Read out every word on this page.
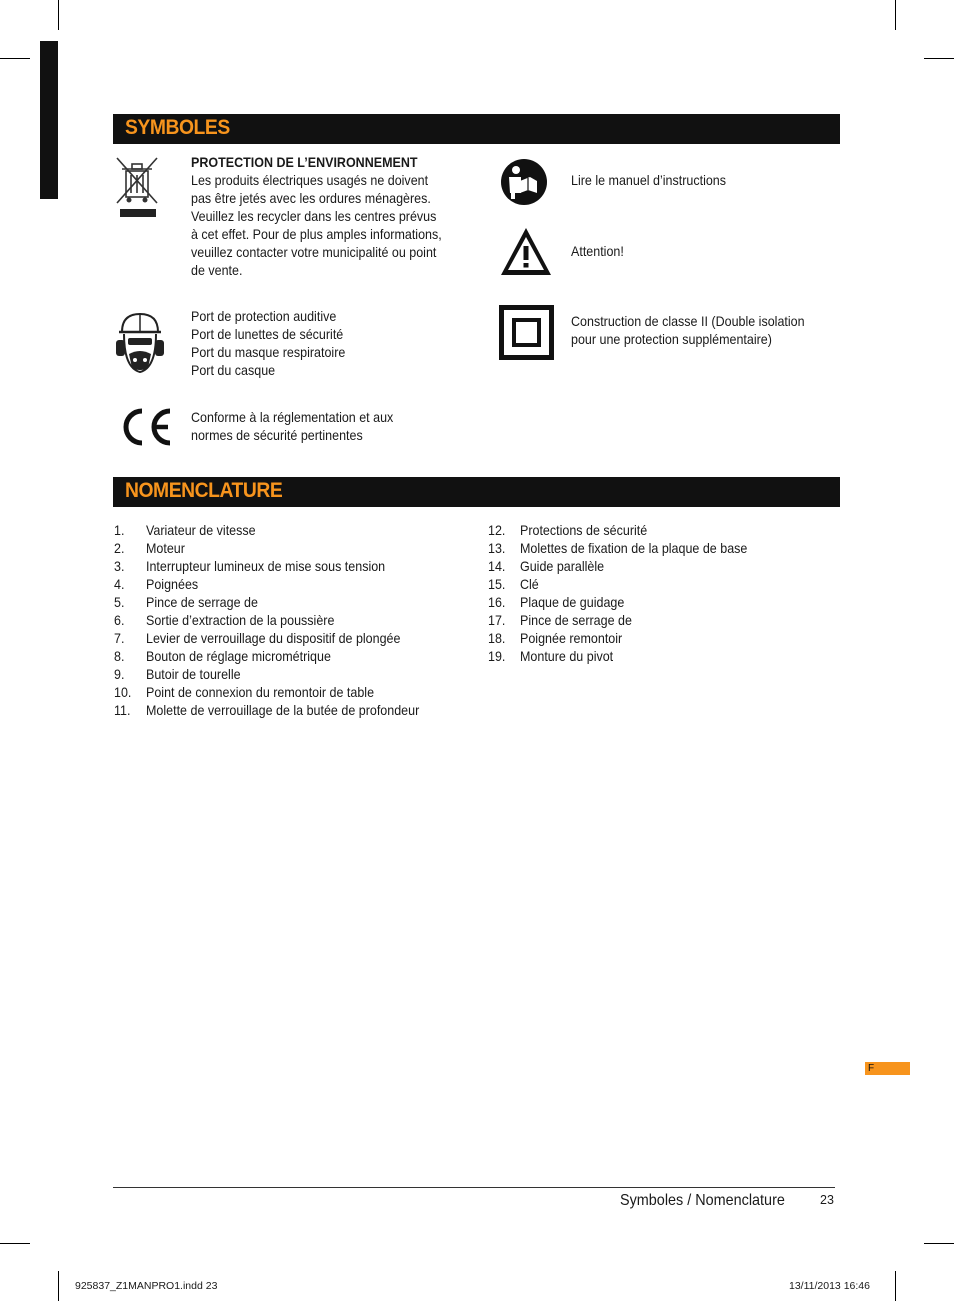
SYMBOLES
PROTECTION DE L’ENVIRONNEMENT
Les produits électriques usagés ne doivent
pas être jetés avec les ordures ménagères.
Veuillez les recycler dans les centres prévus
à cet effet. Pour de plus amples informations,
veuillez contacter votre municipalité ou point
de vente.
Port de protection auditive
Port de lunettes de sécurité
Port du masque respiratoire
Port du casque
Conforme à la réglementation et aux
normes de sécurité pertinentes
Lire le manuel d’instructions
Attention!
Construction de classe II (Double isolation
pour une protection supplémentaire)
NOMENCLATURE
1. Variateur de vitesse
2. Moteur
3. Interrupteur lumineux de mise sous tension
4. Poignées
5. Pince de serrage de
6. Sortie d’extraction de la poussière
7. Levier de verrouillage du dispositif de plongée
8. Bouton de réglage micrométrique
9. Butoir de tourelle
10. Point de connexion du remontoir de table
11. Molette de verrouillage de la butée de profondeur
12. Protections de sécurité
13. Molettes de fixation de la plaque de base
14. Guide parallèle
15. Clé
16. Plaque de guidage
17. Pince de serrage de
18. Poignée remontoir
19. Monture du pivot
F
Symboles / Nomenclature	23
925837_Z1MANPRO1.indd 23	13/11/2013 16:46
